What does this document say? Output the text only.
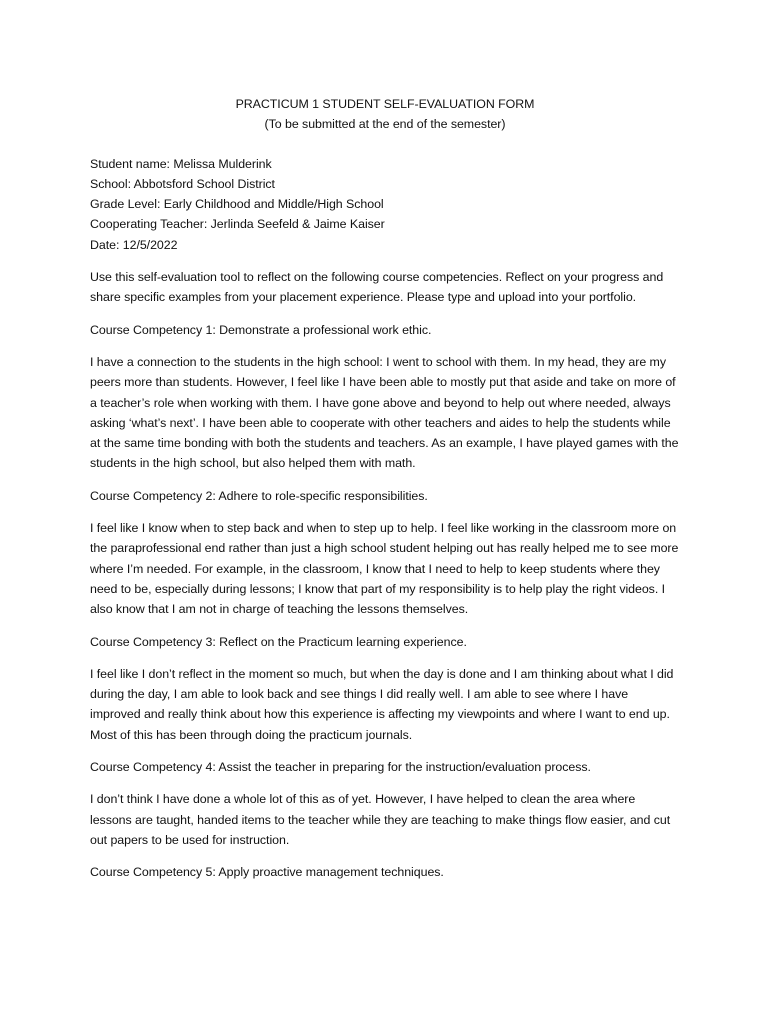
PRACTICUM 1 STUDENT SELF-EVALUATION FORM
(To be submitted at the end of the semester)
Student name: Melissa Mulderink
School: Abbotsford School District
Grade Level: Early Childhood and Middle/High School
Cooperating Teacher: Jerlinda Seefeld & Jaime Kaiser
Date: 12/5/2022

Use this self-evaluation tool to reflect on the following course competencies. Reflect on your progress and share specific examples from your placement experience. Please type and upload into your portfolio.

Course Competency 1: Demonstrate a professional work ethic.

I have a connection to the students in the high school: I went to school with them. In my head, they are my peers more than students. However, I feel like I have been able to mostly put that aside and take on more of a teacher’s role when working with them. I have gone above and beyond to help out where needed, always asking ‘what’s next’. I have been able to cooperate with other teachers and aides to help the students while at the same time bonding with both the students and teachers. As an example, I have played games with the students in the high school, but also helped them with math.

Course Competency 2: Adhere to role-specific responsibilities.

I feel like I know when to step back and when to step up to help. I feel like working in the classroom more on the paraprofessional end rather than just a high school student helping out has really helped me to see more where I’m needed. For example, in the classroom, I know that I need to help to keep students where they need to be, especially during lessons; I know that part of my responsibility is to help play the right videos. I also know that I am not in charge of teaching the lessons themselves.

Course Competency 3: Reflect on the Practicum learning experience.

I feel like I don’t reflect in the moment so much, but when the day is done and I am thinking about what I did during the day, I am able to look back and see things I did really well. I am able to see where I have improved and really think about how this experience is affecting my viewpoints and where I want to end up. Most of this has been through doing the practicum journals.

Course Competency 4: Assist the teacher in preparing for the instruction/evaluation process.

I don’t think I have done a whole lot of this as of yet. However, I have helped to clean the area where lessons are taught, handed items to the teacher while they are teaching to make things flow easier, and cut out papers to be used for instruction.

Course Competency 5: Apply proactive management techniques.
